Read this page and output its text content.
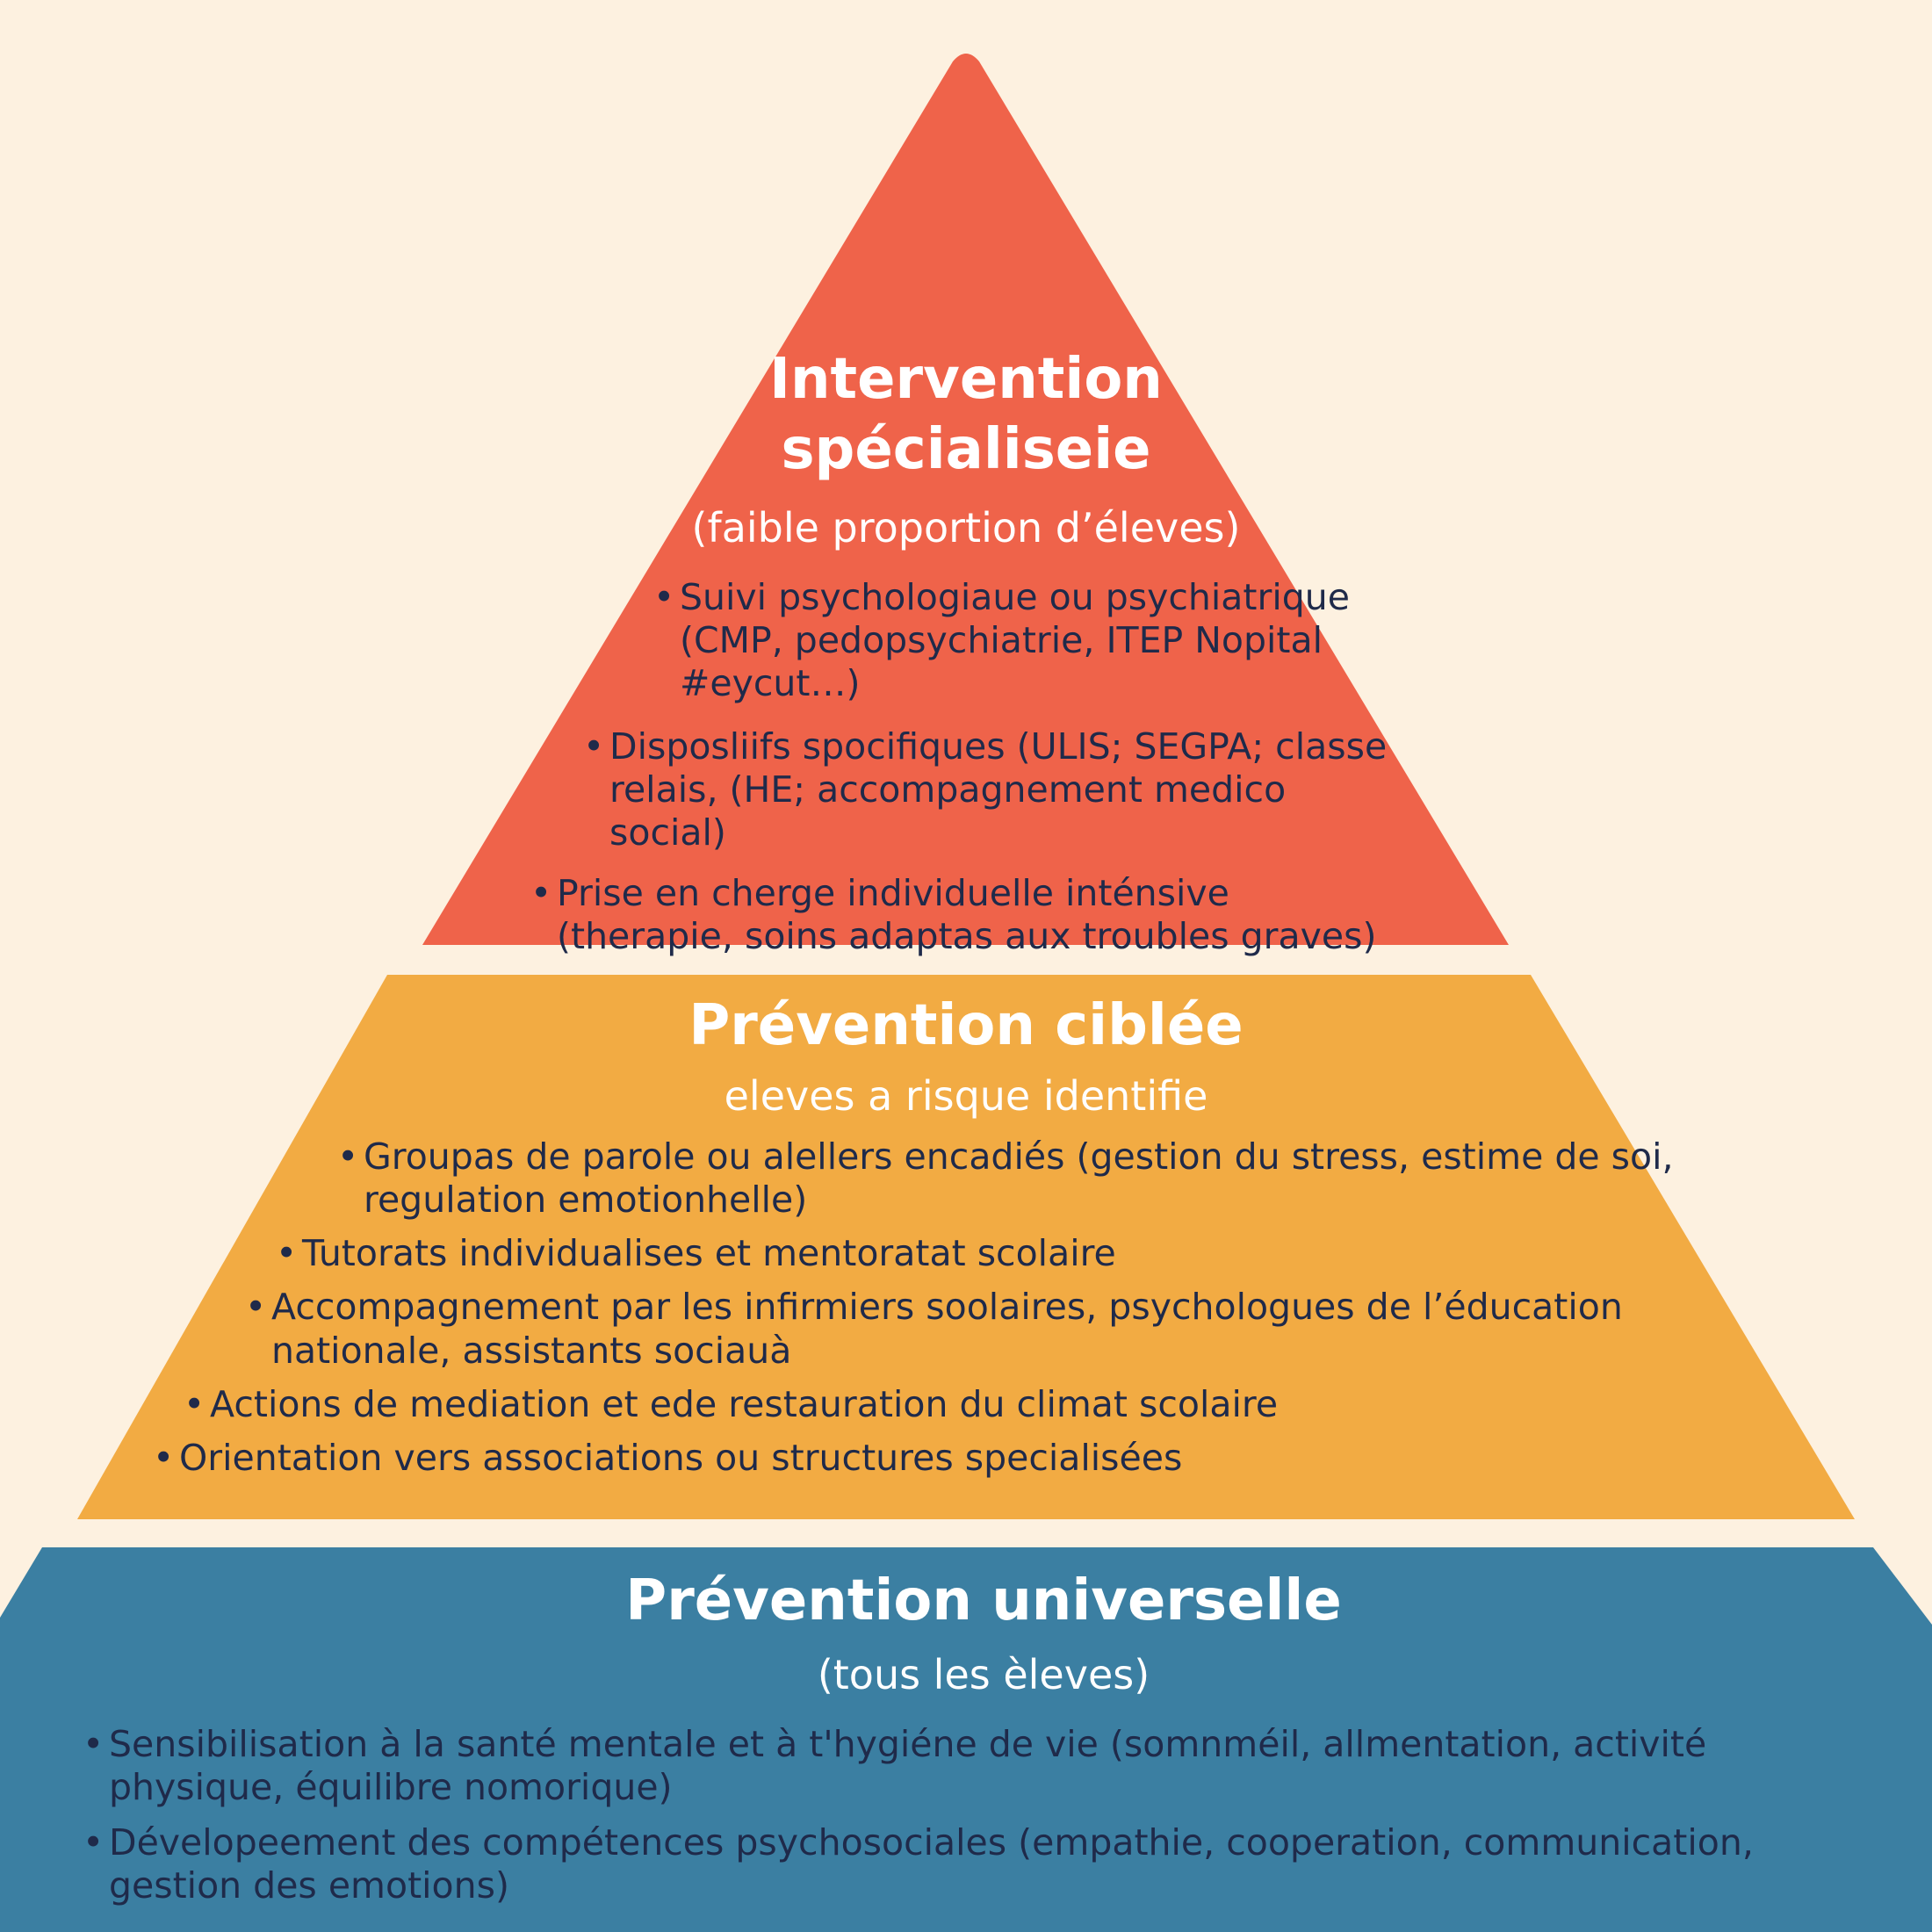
Intervention
spécialiseie

(faible proportion d’éleves)

• Suivi psychologiaue ou psychiatrique (CMP, pedopsychiatrie, ITEP Nopital #eycut…)
• Disposliifs spocifiques (ULIS; SEGPA; classe relais, (HE; accompagnement medico social)
• Prise en cherge individuelle inténsive (therapie, soins adaptas aux troubles graves)

Prévention ciblée

eleves a risque identifie

• Groupas de parole ou alellers encadiés (gestion du stress, estime de soi, regulation emotionhelle)
• Tutorats individualises et mentoratat scolaire
• Accompagnement par les infirmiers soolaires, psychologues de l’éducation nationale, assistants sociauà
• Actions de mediation et ede restauration du climat scolaire
• Orientation vers associations ou structures specialisées

Prévention universelle

(tous les èleves)

• Sensibilisation à la santé mentale et à t'hygiéne de vie (somnméil, allmentation, activité physique, équilibre nomorique)
• Dévelopeement des compétences psychosociales (empathie, cooperation, communication, gestion des emotions)
